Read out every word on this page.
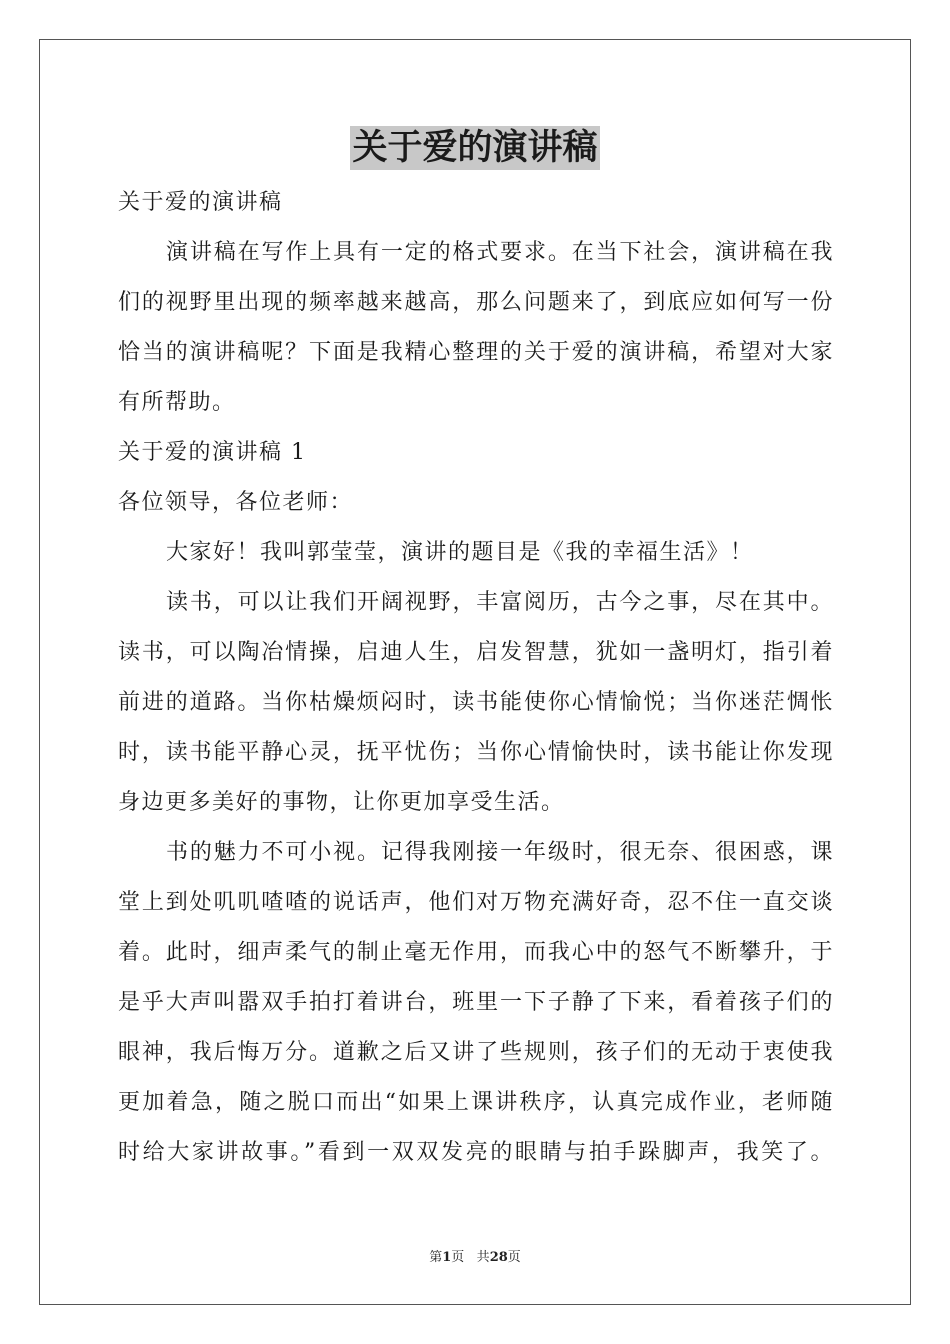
关于爱的演讲稿
关于爱的演讲稿
演讲稿在写作上具有一定的格式要求。在当下社会，演讲稿在我
们的视野里出现的频率越来越高，那么问题来了，到底应如何写一份
恰当的演讲稿呢？下面是我精心整理的关于爱的演讲稿，希望对大家
有所帮助。
关于爱的演讲稿 1
各位领导，各位老师：
大家好！我叫郭莹莹，演讲的题目是《我的幸福生活》！
读书，可以让我们开阔视野，丰富阅历，古今之事，尽在其中。
读书，可以陶冶情操，启迪人生，启发智慧，犹如一盏明灯，指引着
前进的道路。当你枯燥烦闷时，读书能使你心情愉悦；当你迷茫惆怅
时，读书能平静心灵，抚平忧伤；当你心情愉快时，读书能让你发现
身边更多美好的事物，让你更加享受生活。
书的魅力不可小视。记得我刚接一年级时，很无奈、很困惑，课
堂上到处叽叽喳喳的说话声，他们对万物充满好奇，忍不住一直交谈
着。此时，细声柔气的制止毫无作用，而我心中的怒气不断攀升，于
是乎大声叫嚣双手拍打着讲台，班里一下子静了下来，看着孩子们的
眼神，我后悔万分。道歉之后又讲了些规则，孩子们的无动于衷使我
更加着急，随之脱口而出“如果上课讲秩序，认真完成作业，老师随
时给大家讲故事。”看到一双双发亮的眼睛与拍手跺脚声，我笑了。
第1页 共28页
